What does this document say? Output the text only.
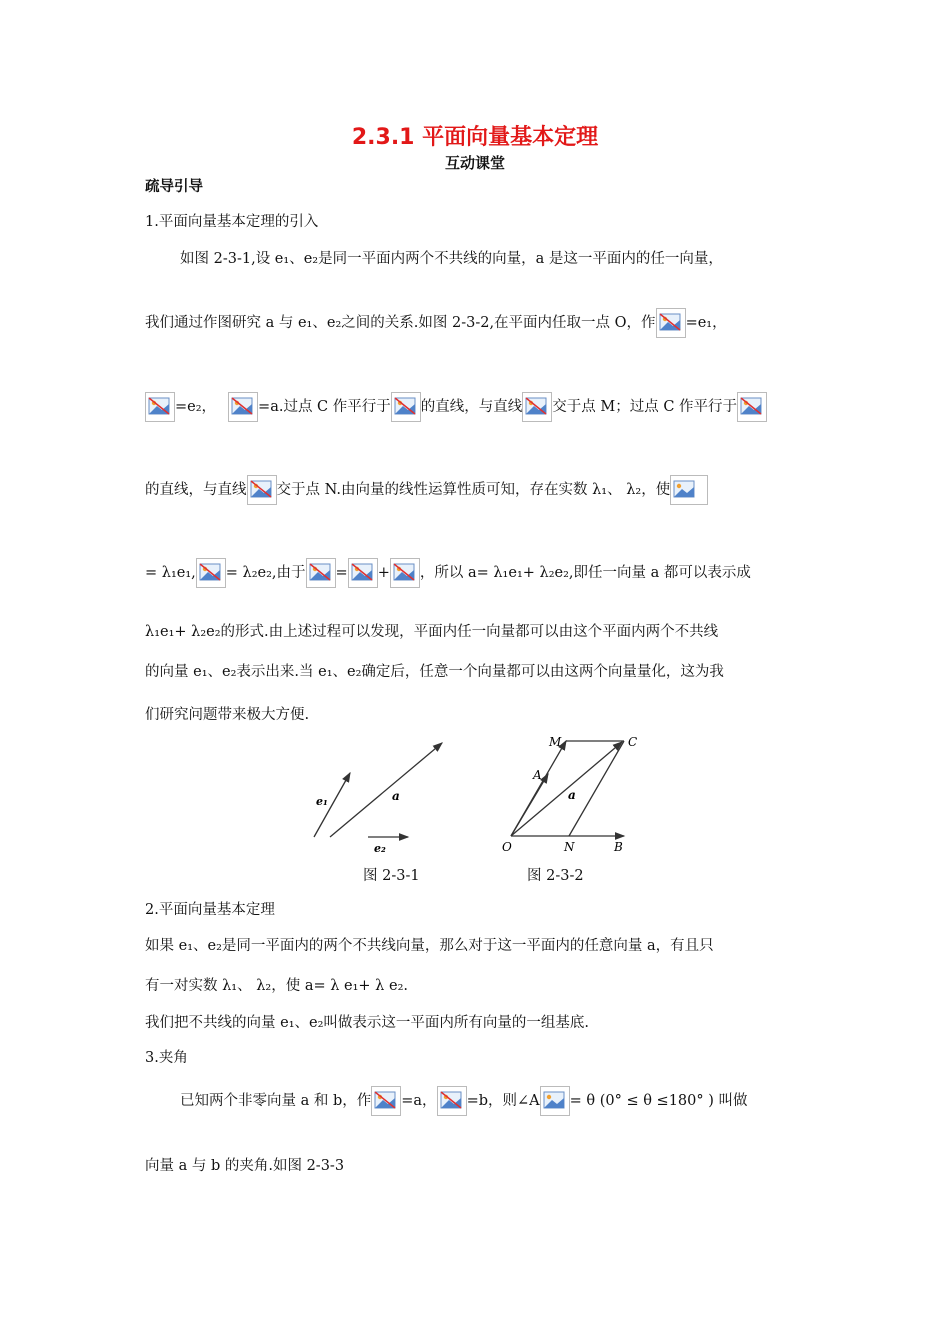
2.3.1 平面向量基本定理
互动课堂
疏导引导
1.平面向量基本定理的引入
如图 2-3-1,设 e₁、e₂是同一平面内两个不共线的向量，a 是这一平面内的任一向量，
我们通过作图研究 a 与 e₁、e₂之间的关系.如图 2-3-2,在平面内任取一点 O，作 =e₁，
=e₂，	=a.过点 C 作平行于 的直线，与直线 交于点 M；过点 C 作平行于
的直线，与直线 交于点 N.由向量的线性运算性质可知，存在实数 λ₁、 λ₂，使
= λ₁e₁, = λ₂e₂,由于 = + ，所以 a= λ₁e₁+ λ₂e₂,即任一向量 a 都可以表示成
λ₁e₁+ λ₂e₂的形式.由上述过程可以发现，平面内任一向量都可以由这个平面内两个不共线
的向量 e₁、e₂表示出来.当 e₁、e₂确定后，任意一个向量都可以由这两个向量量化，这为我
们研究问题带来极大方便.
e₁	a
e₂
图 2-3-1
M	C
A
a
O	N	B
图 2-3-2
2.平面向量基本定理
如果 e₁、e₂是同一平面内的两个不共线向量，那么对于这一平面内的任意向量 a，有且只
有一对实数 λ₁、 λ₂，使 a= λ e₁+ λ e₂.
我们把不共线的向量 e₁、e₂叫做表示这一平面内所有向量的一组基底.
3.夹角
已知两个非零向量 a 和 b，作 =a， =b，则∠A = θ (0° ≤ θ ≤180° ) 叫做
向量 a 与 b 的夹角.如图 2-3-3
